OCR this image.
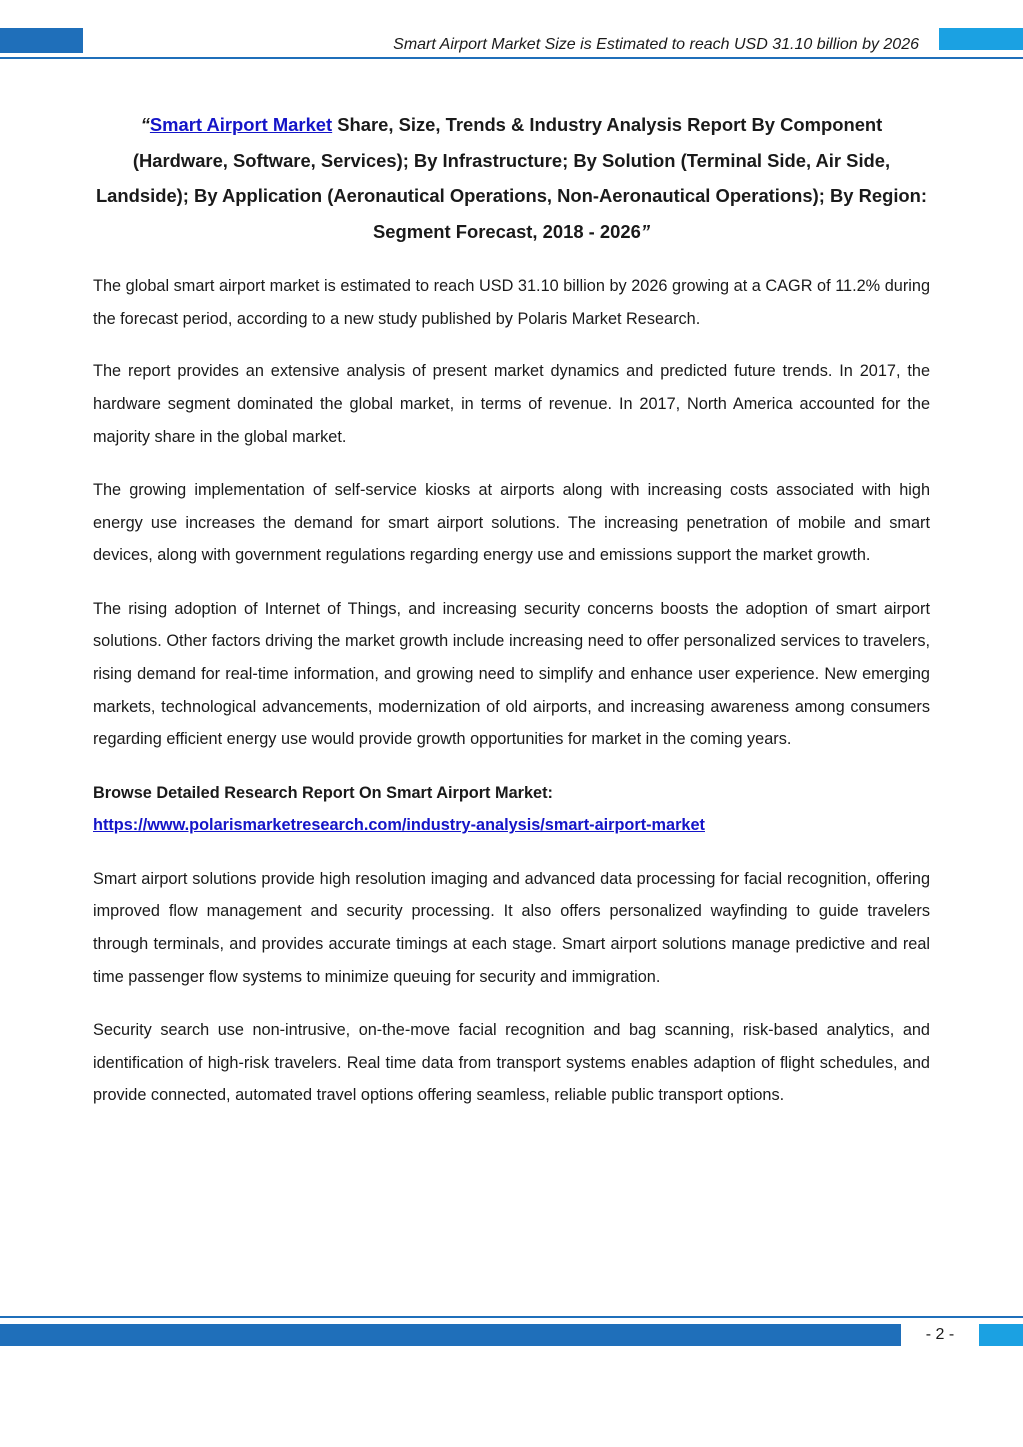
Smart Airport Market Size is Estimated to reach USD 31.10 billion by 2026
“Smart Airport Market Share, Size, Trends & Industry Analysis Report By Component (Hardware, Software, Services); By Infrastructure; By Solution (Terminal Side, Air Side, Landside); By Application (Aeronautical Operations, Non-Aeronautical Operations); By Region: Segment Forecast, 2018 - 2026”

The global smart airport market is estimated to reach USD 31.10 billion by 2026 growing at a CAGR of 11.2% during the forecast period, according to a new study published by Polaris Market Research.

The report provides an extensive analysis of present market dynamics and predicted future trends. In 2017, the hardware segment dominated the global market, in terms of revenue. In 2017, North America accounted for the majority share in the global market.

The growing implementation of self-service kiosks at airports along with increasing costs associated with high energy use increases the demand for smart airport solutions. The increasing penetration of mobile and smart devices, along with government regulations regarding energy use and emissions support the market growth.

The rising adoption of Internet of Things, and increasing security concerns boosts the adoption of smart airport solutions. Other factors driving the market growth include increasing need to offer personalized services to travelers, rising demand for real-time information, and growing need to simplify and enhance user experience. New emerging markets, technological advancements, modernization of old airports, and increasing awareness among consumers regarding efficient energy use would provide growth opportunities for market in the coming years.

Browse Detailed Research Report On Smart Airport Market:

https://www.polarismarketresearch.com/industry-analysis/smart-airport-market

Smart airport solutions provide high resolution imaging and advanced data processing for facial recognition, offering improved flow management and security processing. It also offers personalized wayfinding to guide travelers through terminals, and provides accurate timings at each stage. Smart airport solutions manage predictive and real time passenger flow systems to minimize queuing for security and immigration.

Security search use non-intrusive, on-the-move facial recognition and bag scanning, risk-based analytics, and identification of high-risk travelers. Real time data from transport systems enables adaption of flight schedules, and provide connected, automated travel options offering seamless, reliable public transport options.

- 2 -
